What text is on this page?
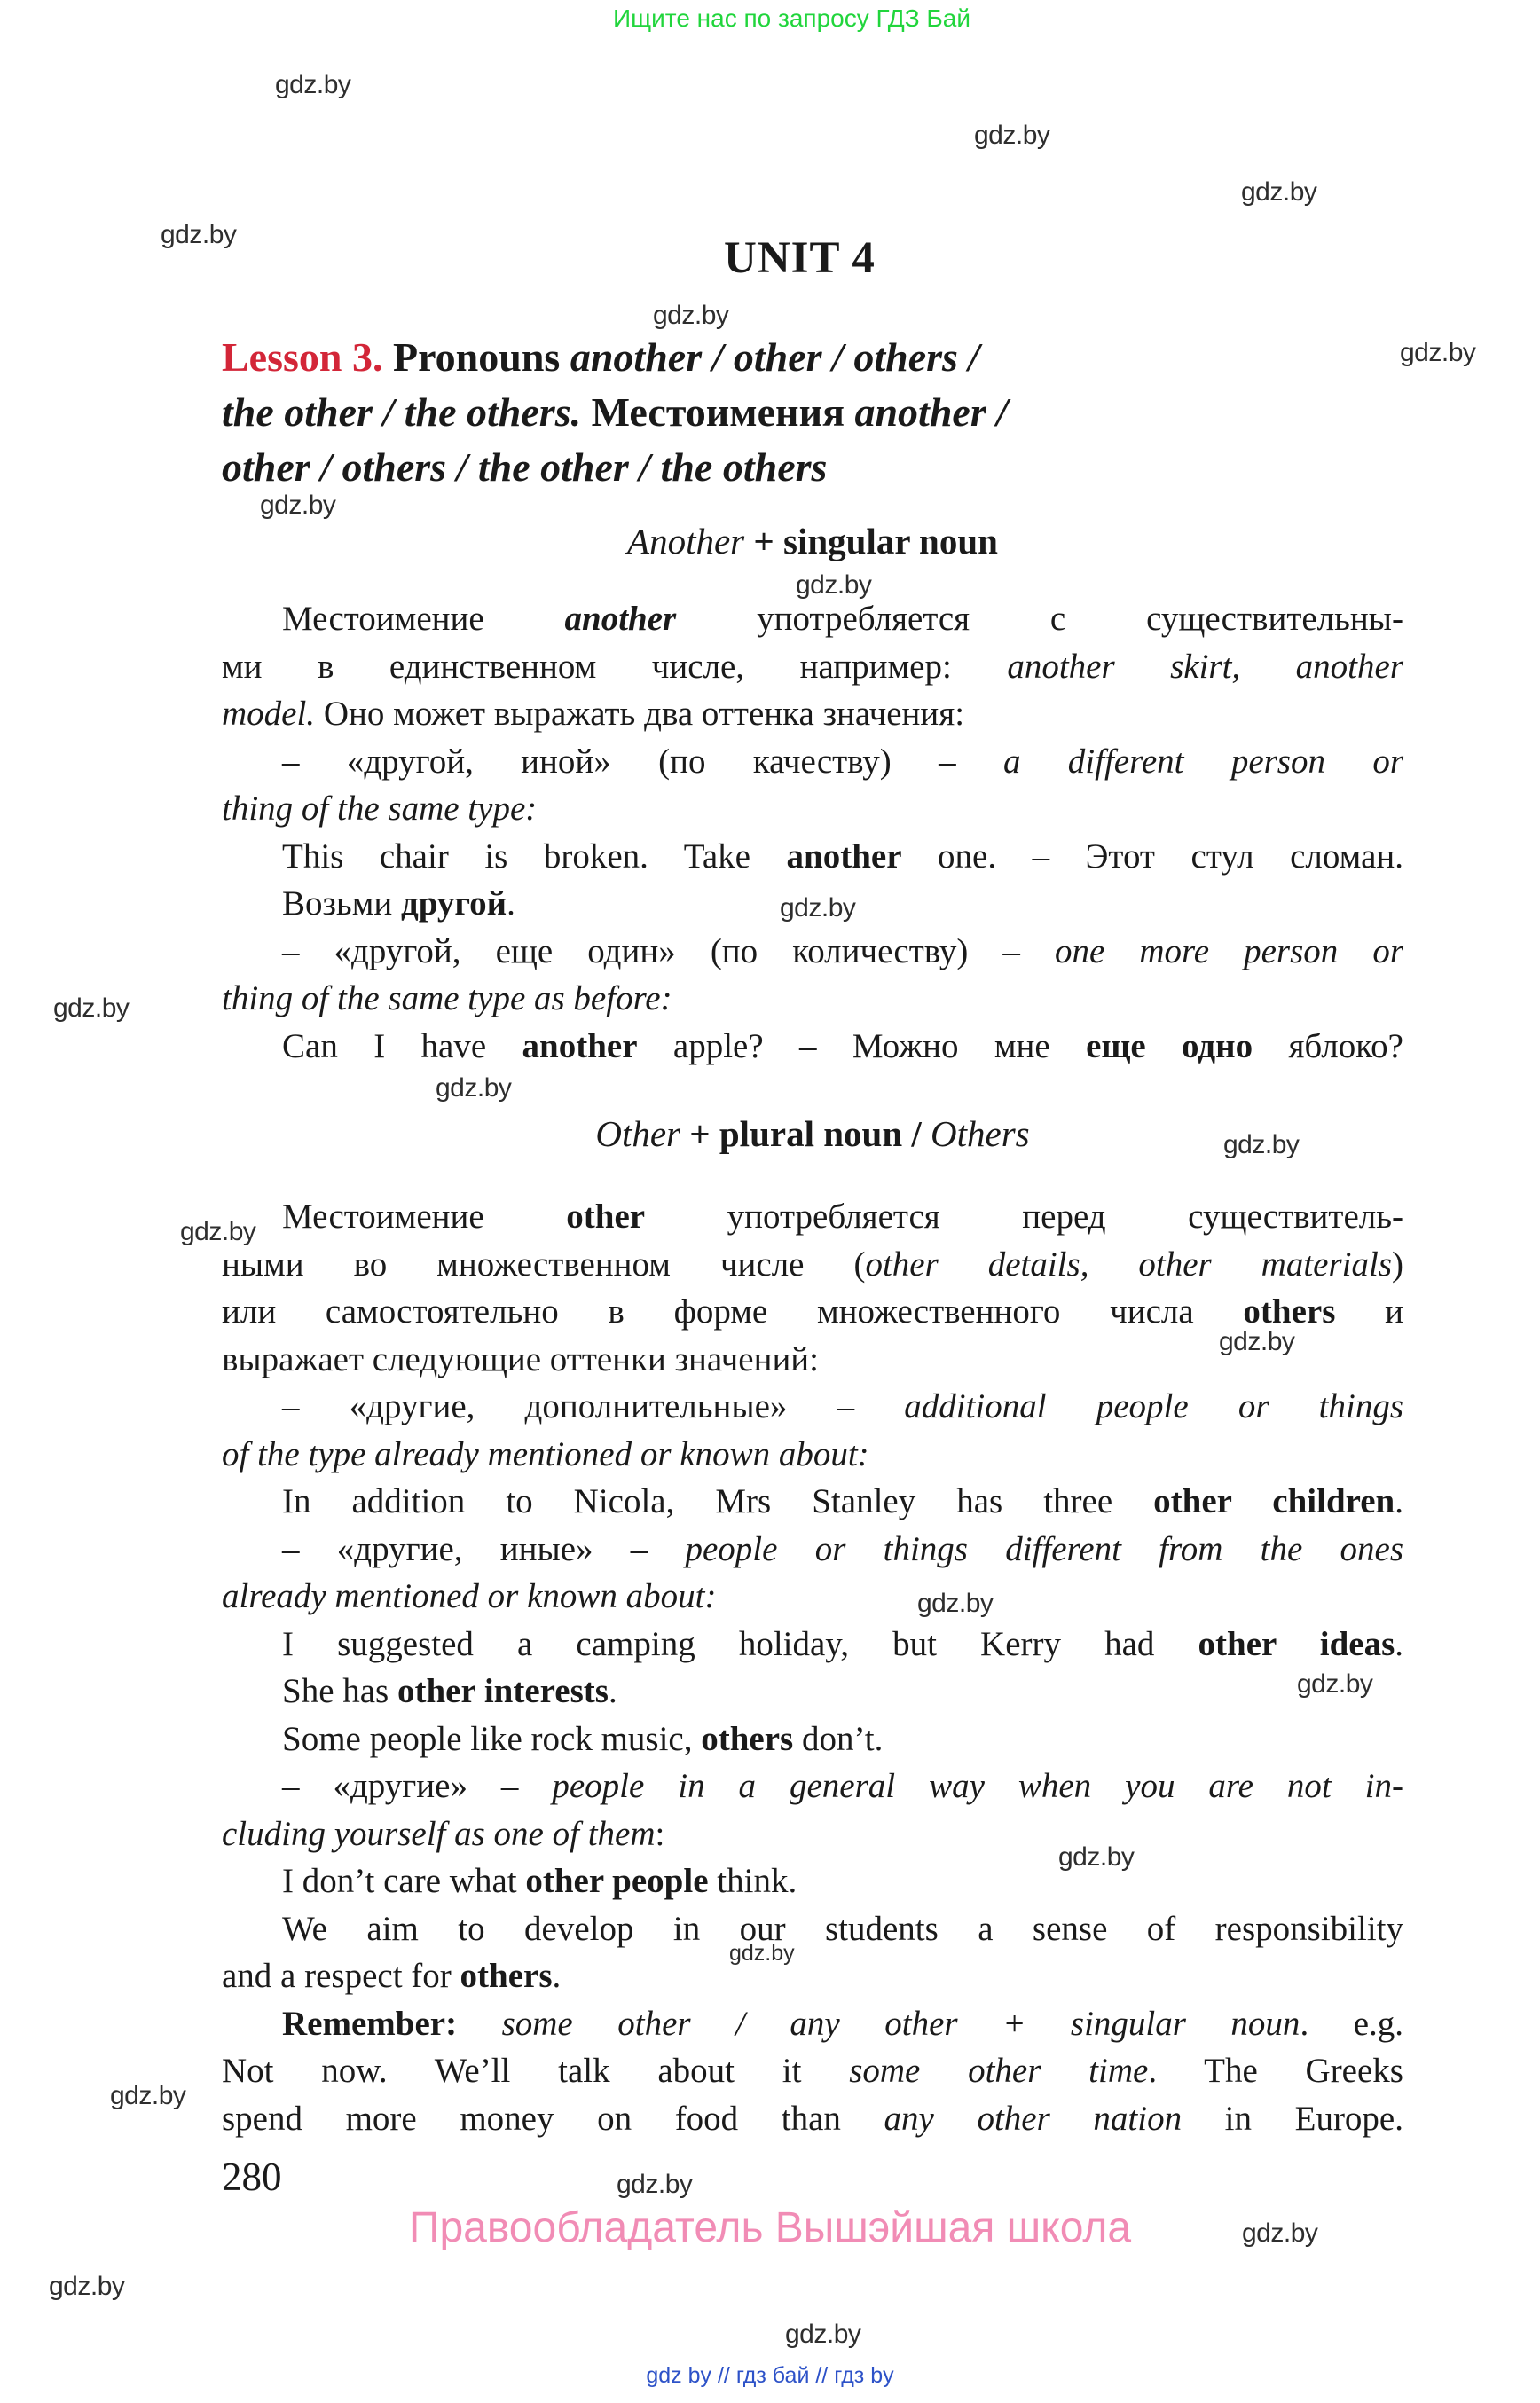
Ищите нас по запросу ГДЗ Бай
gdz.by
gdz.by
gdz.by
gdz.by
gdz.by
gdz.by
gdz.by
gdz.by
gdz.by
gdz.by
gdz.by
gdz.by
gdz.by
gdz.by
gdz.by
gdz.by
gdz.by
gdz.by
gdz.by
gdz.by
gdz.by
gdz.by
UNIT 4
Lesson 3. Pronouns another / other / others /
the other / the others. Местоимения another /
other / others / the other / the others
Another + singular noun
Местоимение another употребляется с существительны-
ми в единственном числе, например: another skirt, another
model. Оно может выражать два оттенка значения:
– «другой, иной» (по качеству) – a different person or
thing of the same type:
This chair is broken. Take another one. – Этот стул сломан.
Возьми другой.
– «другой, еще один» (по количеству) – one more person or
thing of the same type as before:
Can I have another apple? – Можно мне еще одно яблоко?
Other + plural noun / Others
Местоимение other употребляется перед существитель-
ными во множественном числе (other details, other materials)
или самостоятельно в форме множественного числа others и
выражает следующие оттенки значений:
– «другие, дополнительные» – additional people or things
of the type already mentioned or known about:
In addition to Nicola, Mrs Stanley has three other children.
– «другие, иные» – people or things different from the ones
already mentioned or known about:
I suggested a camping holiday, but Kerry had other ideas.
She has other interests.
Some people like rock music, others don’t.
– «другие» – people in a general way when you are not in-
cluding yourself as one of them:
I don’t care what other people think.
We aim to develop in our students a sense of responsibility
and a respect for others.
Remember: some other / any other + singular noun. e.g.
Not now. We’ll talk about it some other time. The Greeks
spend more money on food than any other nation in Europe.
gdz.by
280
Правообладатель Вышэйшая школа
gdz by // гдз бай // гдз by
